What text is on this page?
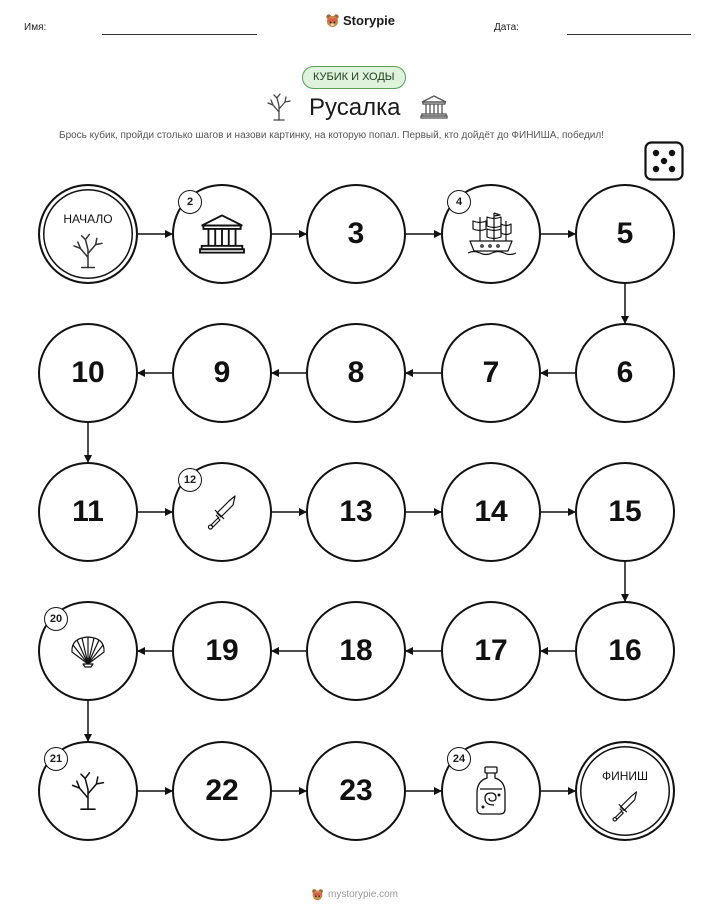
Имя:	Storypie	Дата:
КУБИК И ХОДЫ
Русалка
Брось кубик, пройди столько шагов и назови картинку, на которую попал. Первый, кто дойдёт до ФИНИША, победил!
НАЧАЛО
2
3
4
5
10	9	8	7	6
11
12
13	14	15
20
19	18	17	16
21
22	23
24
ФИНИШ
mystorypie.com
